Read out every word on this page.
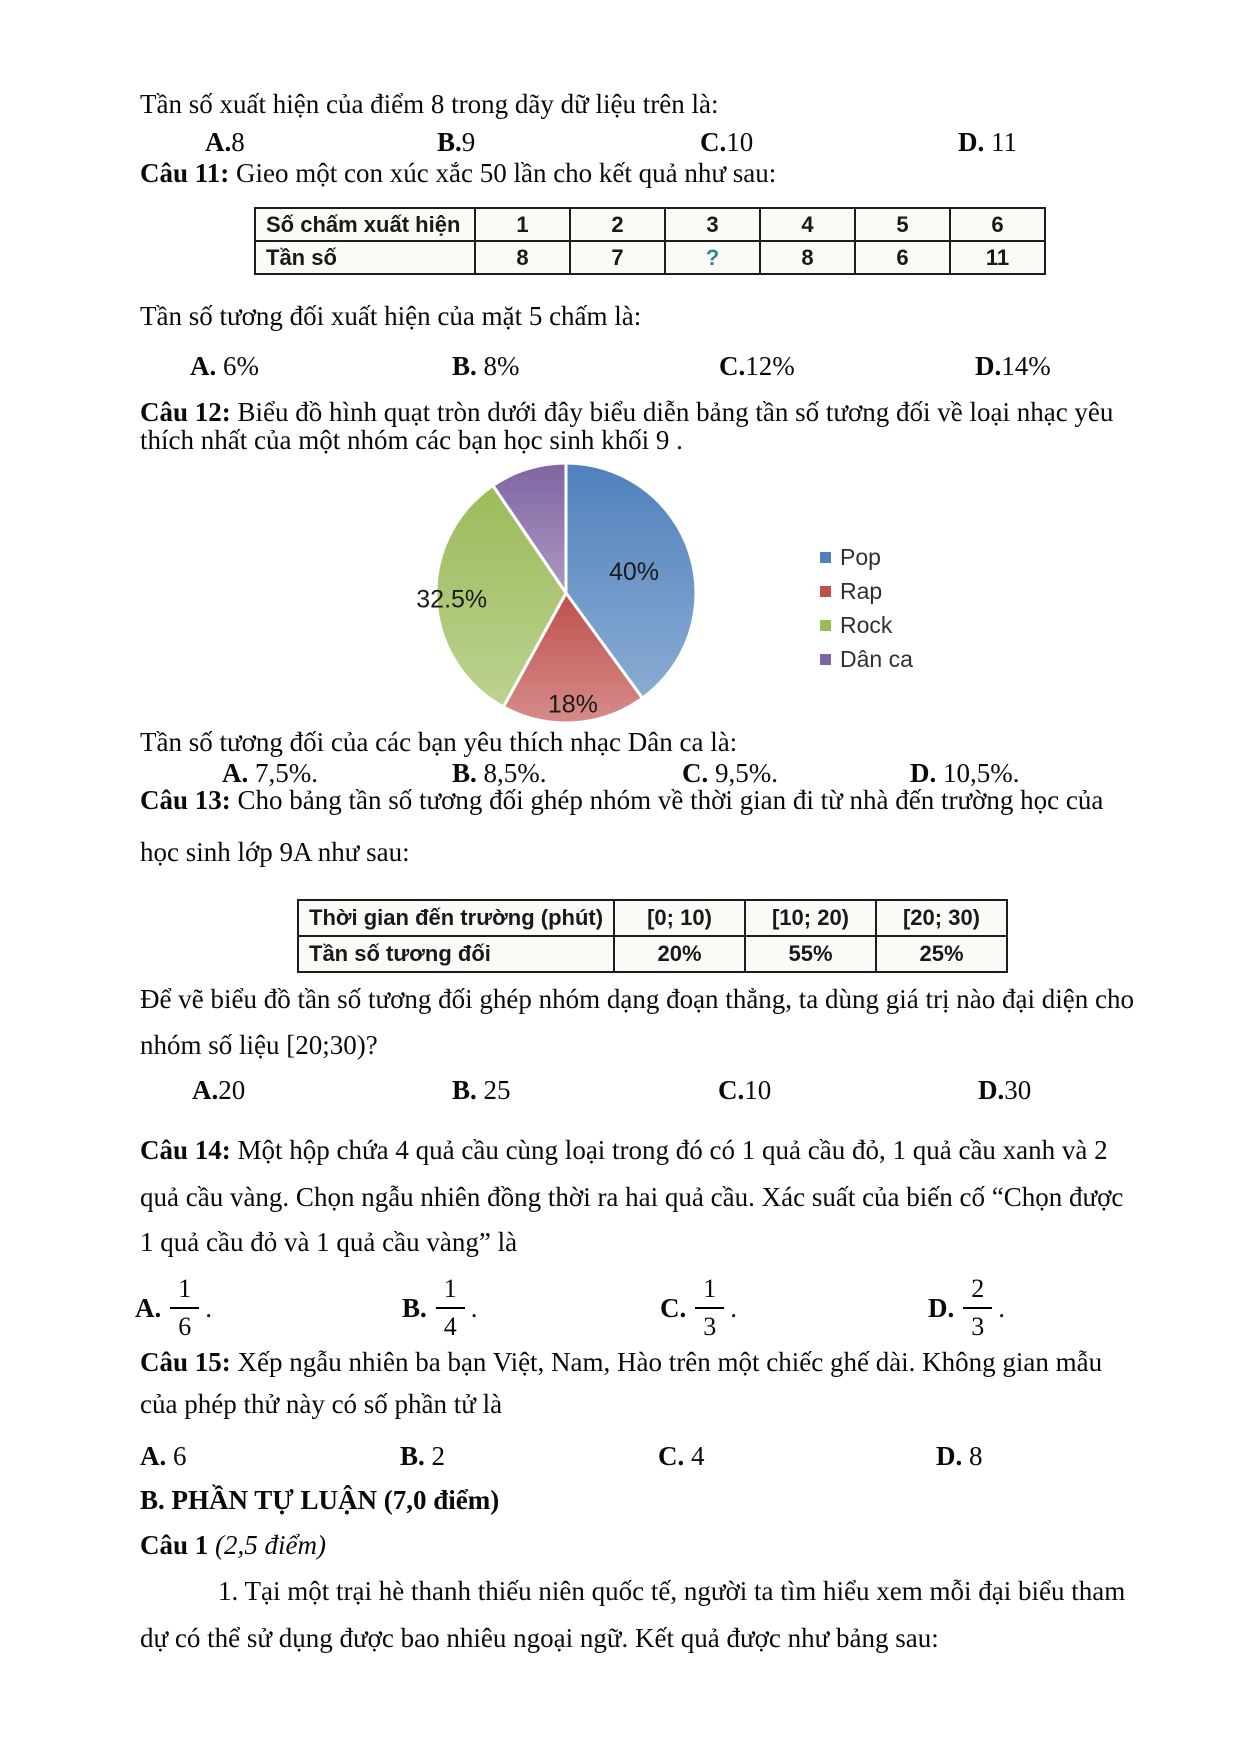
Tần số xuất hiện của điểm 8 trong dãy dữ liệu trên là:
A.8	B.9	C.10	D. 11
Câu 11: Gieo một con xúc xắc 50 lần cho kết quả như sau:
Số chấm xuất hiện	1	2	3	4	5	6
Tần số	8	7	?	8	6	11
Tần số tương đối xuất hiện của mặt 5 chấm là:
A. 6%	B. 8%	C.12%	D.14%
Câu 12: Biểu đồ hình quạt tròn dưới đây biểu diễn bảng tần số tương đối về loại nhạc yêu
thích nhất của một nhóm các bạn học sinh khối 9 .
40%
18%
32.5%
Pop
Rap
Rock
Dân ca
Tần số tương đối của các bạn yêu thích nhạc Dân ca là:
A. 7,5%.	B. 8,5%.	C. 9,5%.	D. 10,5%.
Câu 13: Cho bảng tần số tương đối ghép nhóm về thời gian đi từ nhà đến trường học của
học sinh lớp 9A như sau:
Thời gian đến trường (phút)	[0; 10)	[10; 20)	[20; 30)
Tần số tương đối	20%	55%	25%
Để vẽ biểu đồ tần số tương đối ghép nhóm dạng đoạn thẳng, ta dùng giá trị nào đại diện cho
nhóm số liệu [20;30)?
A.20	B. 25	C.10	D.30
Câu 14: Một hộp chứa 4 quả cầu cùng loại trong đó có 1 quả cầu đỏ, 1 quả cầu xanh và 2
quả cầu vàng. Chọn ngẫu nhiên đồng thời ra hai quả cầu. Xác suất của biến cố “Chọn được
1 quả cầu đỏ và 1 quả cầu vàng” là
A. $\frac{1}{6}$ .	B. $\frac{1}{4}$ .	C. $\frac{1}{3}$ .	D. $\frac{2}{3}$ .
Câu 15: Xếp ngẫu nhiên ba bạn Việt, Nam, Hào trên một chiếc ghế dài. Không gian mẫu
của phép thử này có số phần tử là
A. 6	B. 2	C. 4	D. 8
B. PHẦN TỰ LUẬN (7,0 điểm)
Câu 1 (2,5 điểm)
1. Tại một trại hè thanh thiếu niên quốc tế, người ta tìm hiểu xem mỗi đại biểu tham
dự có thể sử dụng được bao nhiêu ngoại ngữ. Kết quả được như bảng sau:
